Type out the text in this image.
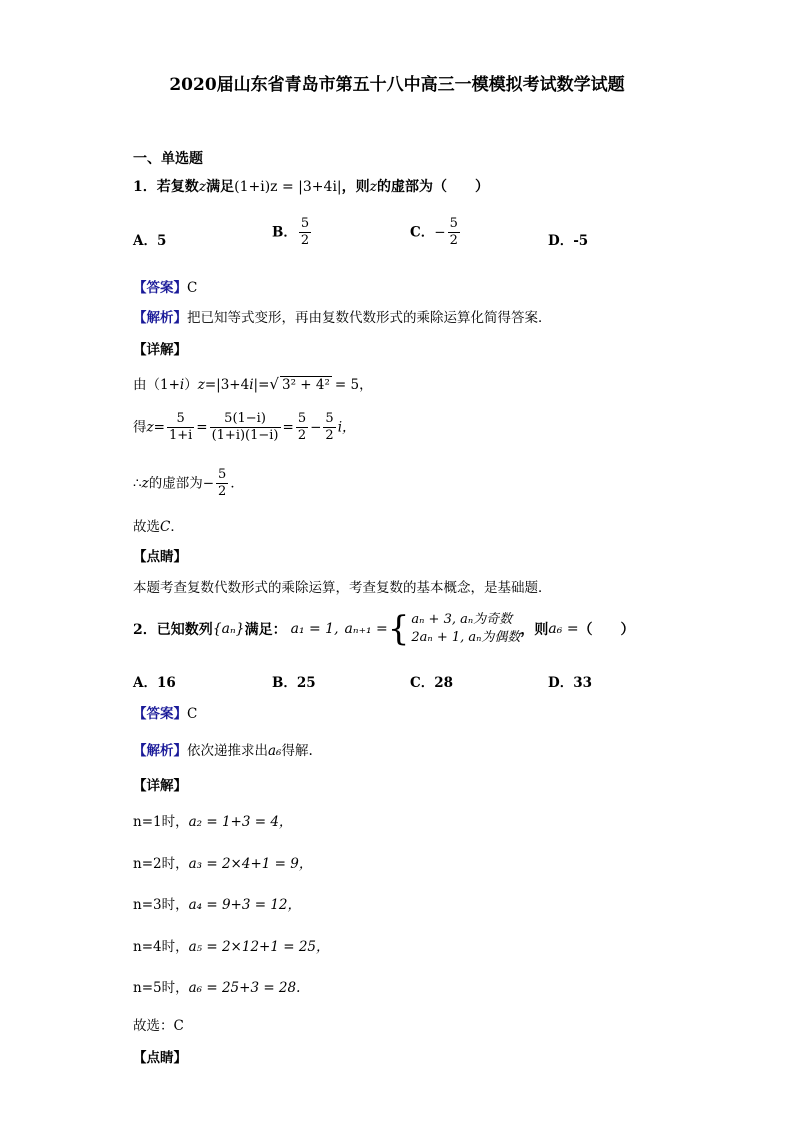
2020届山东省青岛市第五十八中高三一模模拟考试数学试题
一、单选题
1．若复数z满足(1+i)z = |3+4i|，则z的虚部为（　　）
A．5
B． $\frac{5}{2}$	C．− $\frac{5}{2}$	D．-5
【答案】C
【解析】把已知等式变形，再由复数代数形式的乘除运算化简得答案．
【详解】
由（1+i）z=|3+4i|=√ 3² + 4² = 5，
得$z= \frac{5}{1+i} = \frac{5(1-i)}{(1+i)(1-i)} = \frac{5}{2} - \frac{5}{2}$ i，
∴z的虚部为− $\frac{5}{2}$ ．
故选C．
【点睛】
本题考查复数代数形式的乘除运算，考查复数的基本概念，是基础题．
2． 已知数列 {aₙ} 满足： a₁ = 1, aₙ₊₁ = { aₙ + 3, aₙ为奇数
2aₙ + 1, aₙ为偶数 ，则 a₆ = （　　）
A．16	B．25	C．28	D．33
【答案】C
【解析】依次递推求出a₆得解.
【详解】
n=1时，a₂ = 1+3 = 4，
n=2时，a₃ = 2×4+1 = 9，
n=3时，a₄ = 9+3 = 12，
n=4时，a₅ = 2×12+1 = 25，
n=5时，a₆ = 25+3 = 28.
故选：C
【点睛】
